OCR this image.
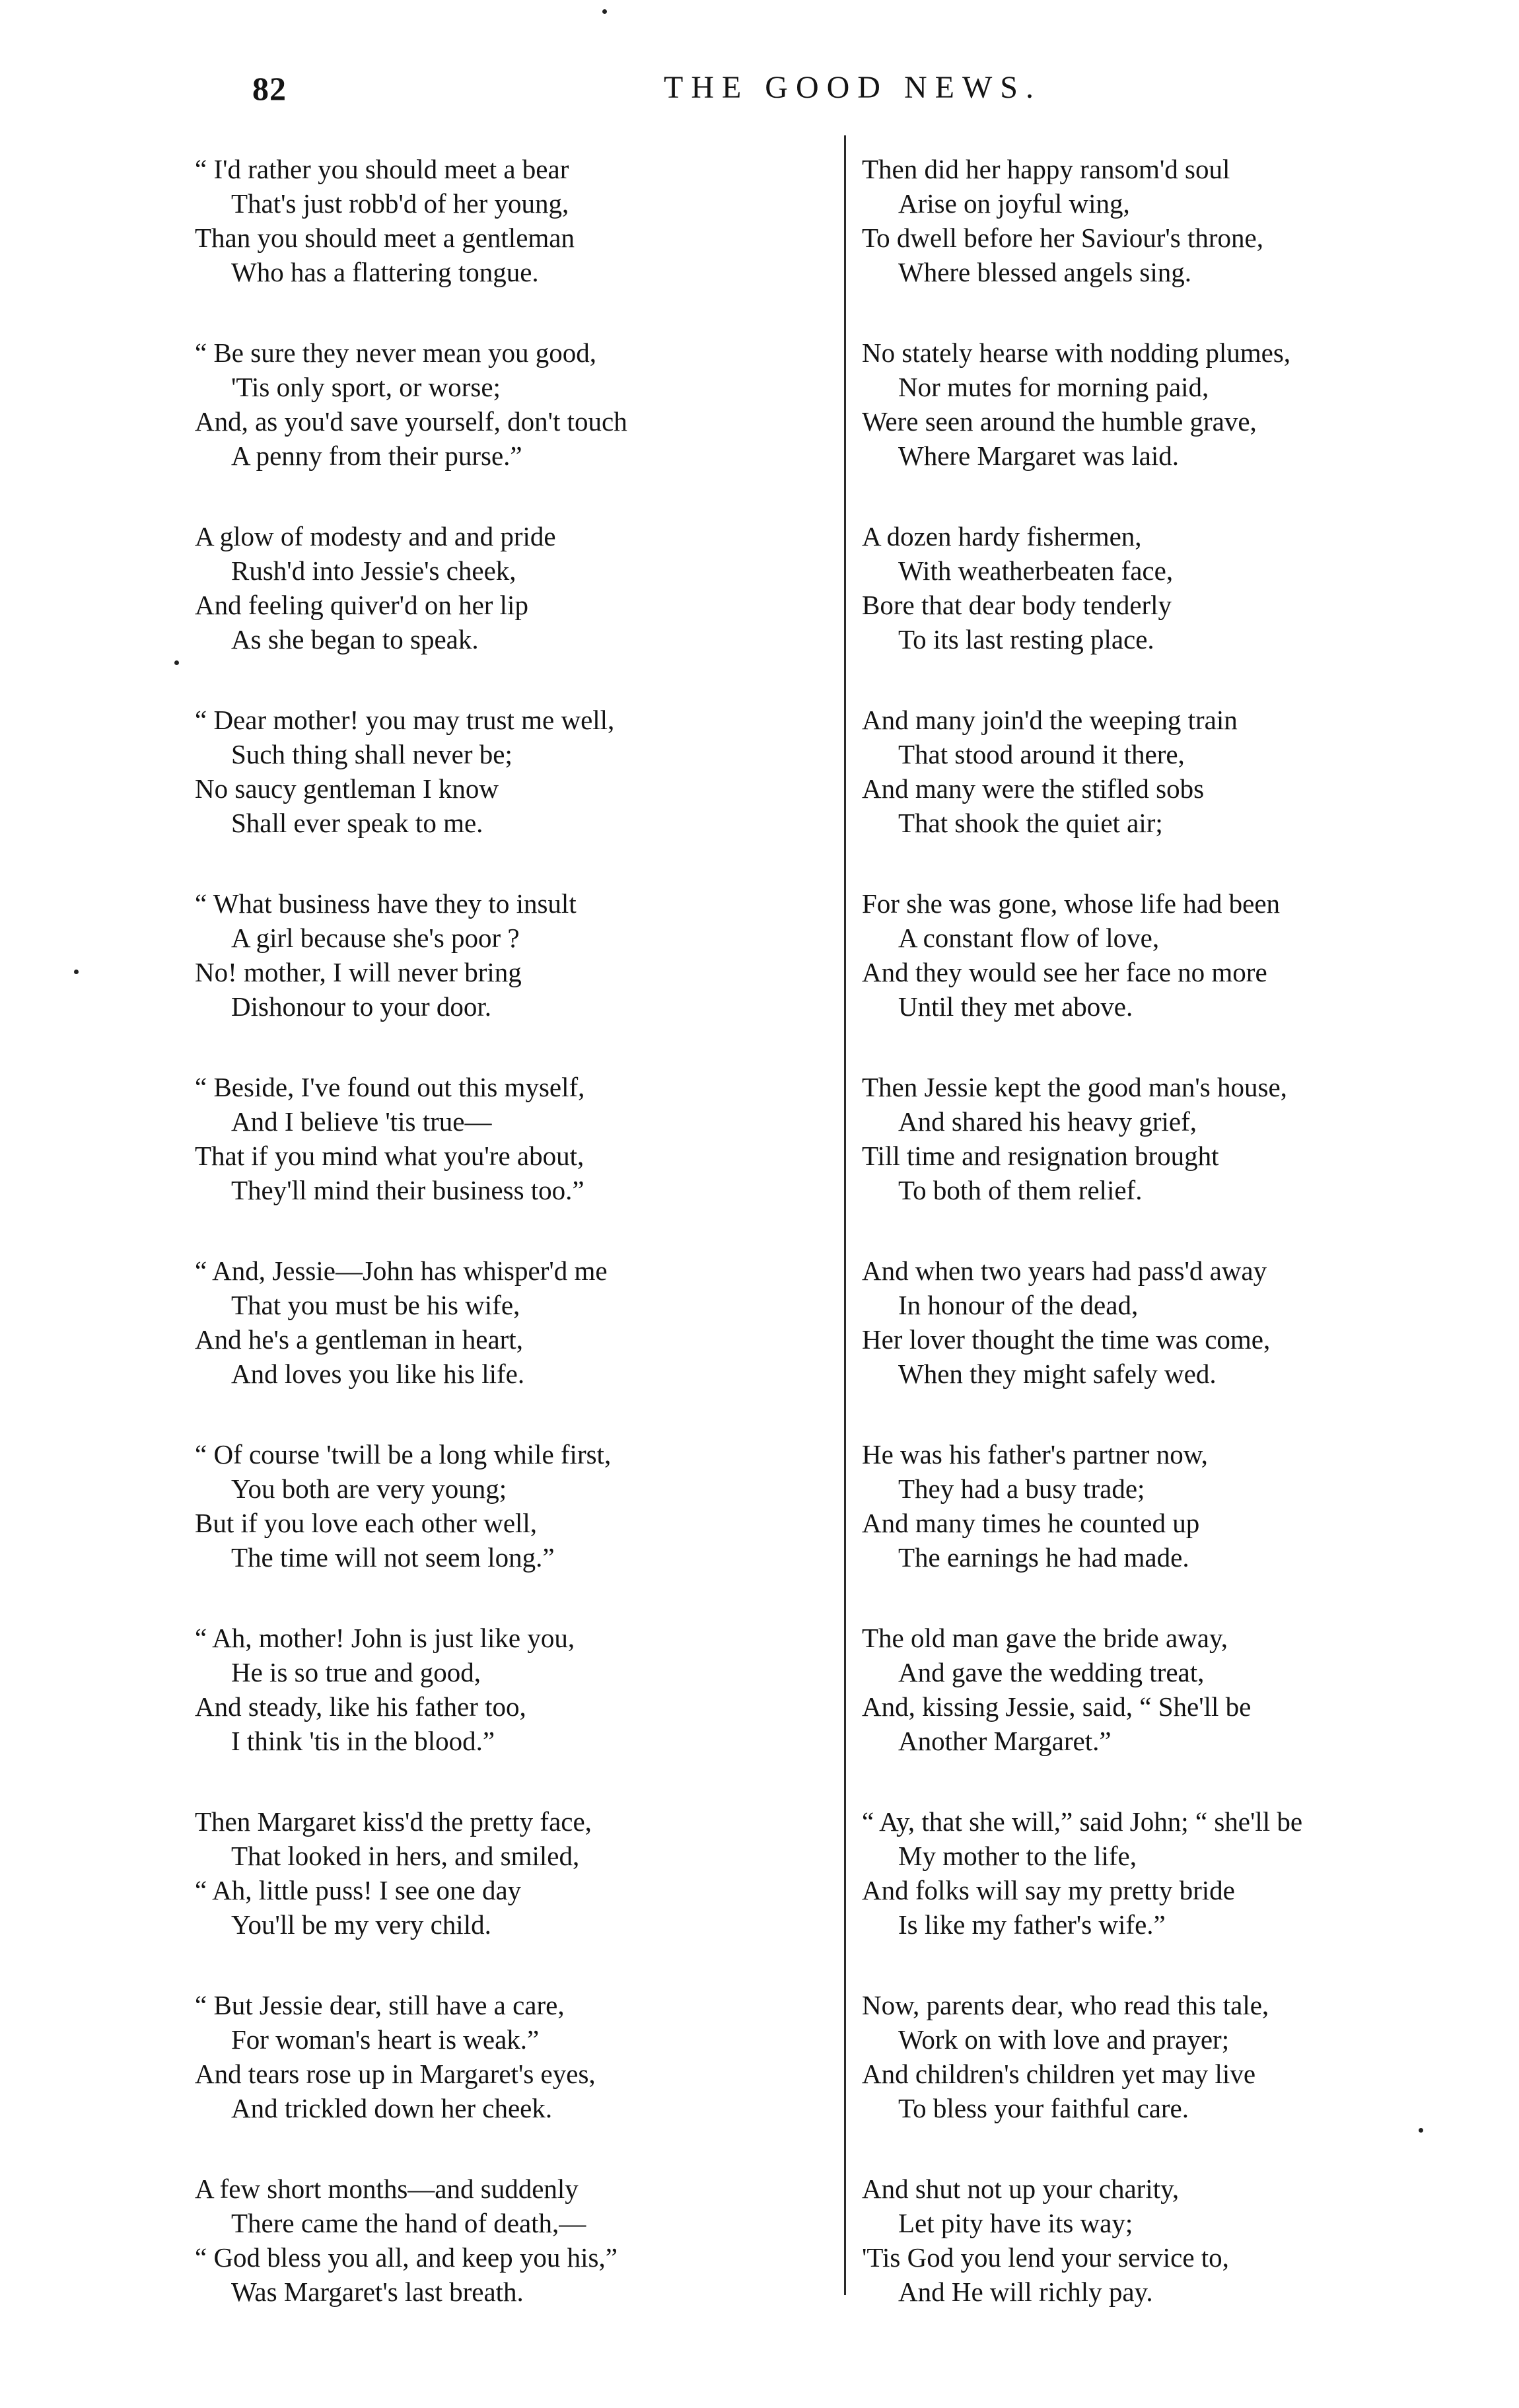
82	THE GOOD NEWS.
“ I'd rather you should meet a bear
That's just robb'd of her young,
Than you should meet a gentleman
Who has a flattering tongue.
“ Be sure they never mean you good,
'Tis only sport, or worse;
And, as you'd save yourself, don't touch
A penny from their purse.”
A glow of modesty and and pride
Rush'd into Jessie's cheek,
And feeling quiver'd on her lip
As she began to speak.
“ Dear mother! you may trust me well,
Such thing shall never be;
No saucy gentleman I know
Shall ever speak to me.
“ What business have they to insult
A girl because she's poor ?
No! mother, I will never bring
Dishonour to your door.
“ Beside, I've found out this myself,
And I believe 'tis true—
That if you mind what you're about,
They'll mind their business too.”
“ And, Jessie—John has whisper'd me
That you must be his wife,
And he's a gentleman in heart,
And loves you like his life.
“ Of course 'twill be a long while first,
You both are very young;
But if you love each other well,
The time will not seem long.”
“ Ah, mother! John is just like you,
He is so true and good,
And steady, like his father too,
I think 'tis in the blood.”
Then Margaret kiss'd the pretty face,
That looked in hers, and smiled,
“ Ah, little puss! I see one day
You'll be my very child.
“ But Jessie dear, still have a care,
For woman's heart is weak.”
And tears rose up in Margaret's eyes,
And trickled down her cheek.
A few short months—and suddenly
There came the hand of death,—
“ God bless you all, and keep you his,”
Was Margaret's last breath.
Then did her happy ransom'd soul
Arise on joyful wing,
To dwell before her Saviour's throne,
Where blessed angels sing.
No stately hearse with nodding plumes,
Nor mutes for morning paid,
Were seen around the humble grave,
Where Margaret was laid.
A dozen hardy fishermen,
With weatherbeaten face,
Bore that dear body tenderly
To its last resting place.
And many join'd the weeping train
That stood around it there,
And many were the stifled sobs
That shook the quiet air;
For she was gone, whose life had been
A constant flow of love,
And they would see her face no more
Until they met above.
Then Jessie kept the good man's house,
And shared his heavy grief,
Till time and resignation brought
To both of them relief.
And when two years had pass'd away
In honour of the dead,
Her lover thought the time was come,
When they might safely wed.
He was his father's partner now,
They had a busy trade;
And many times he counted up
The earnings he had made.
The old man gave the bride away,
And gave the wedding treat,
And, kissing Jessie, said, “ She'll be
Another Margaret.”
“ Ay, that she will,” said John; “ she'll be
My mother to the life,
And folks will say my pretty bride
Is like my father's wife.”
Now, parents dear, who read this tale,
Work on with love and prayer;
And children's children yet may live
To bless your faithful care.
And shut not up your charity,
Let pity have its way;
'Tis God you lend your service to,
And He will richly pay.
